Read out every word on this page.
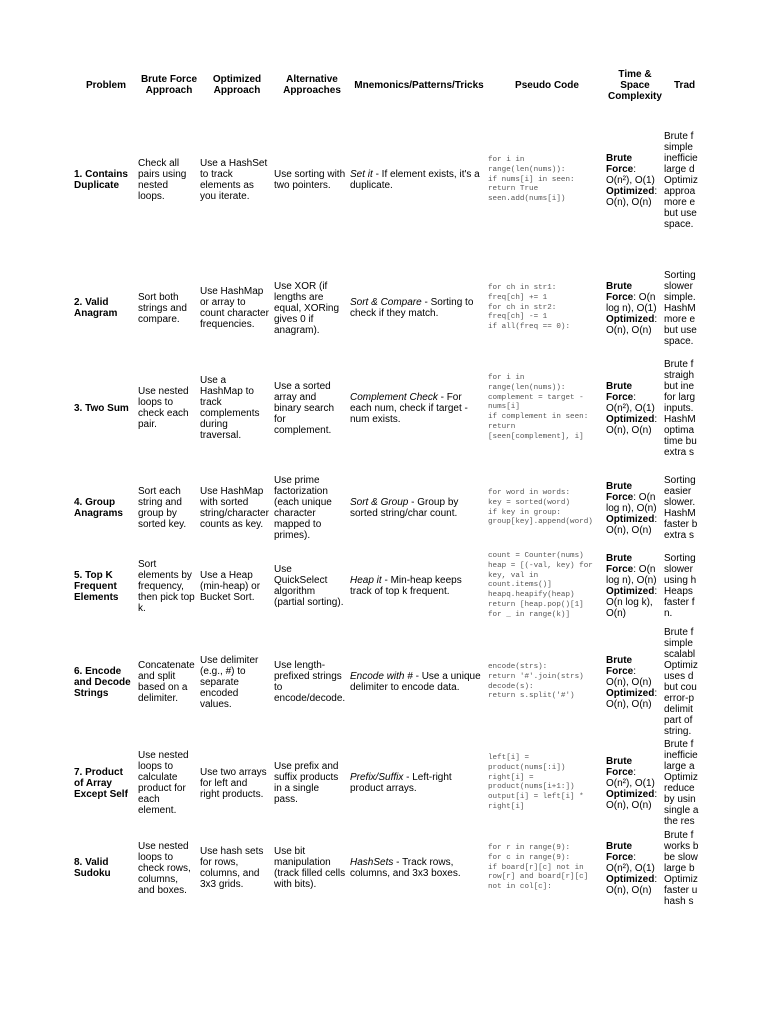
Problem
Brute Force
Approach
Optimized
Approach
Alternative
Approaches	Mnemonics/Patterns/Tricks	Pseudo Code
Time &
Space
Complexity
Trad
1. Contains
Duplicate
Check all
pairs using
nested
loops.
Use a HashSet
to track
elements as
you iterate.
Use sorting with
two pointers.
Set it - If element exists, it's a duplicate.
for i in
range(len(nums)):
if nums[i] in seen:
return True
seen.add(nums[i])
Brute
Force:
O(n²), O(1)
Optimized:
O(n), O(n)
Brute f
simple
inefficie
large d
Optimiz
approa
more e
but use
space.
2. Valid
Anagram
Sort both
strings and
compare.
Use HashMap
or array to
count character
frequencies.
Use XOR (if
lengths are
equal, XORing
gives 0 if
anagram).
Sort & Compare - Sorting to check if they match.
for ch in str1:
freq[ch] += 1
for ch in str2:
freq[ch] -= 1
if all(freq == 0):
Brute
Force: O(n
log n), O(1)
Optimized:
O(n), O(n)
Sorting
slower
simple.
HashM
more e
but use
space.
3. Two Sum
Use nested
loops to
check each
pair.
Use a
HashMap to
track
complements
during
traversal.
Use a sorted
array and
binary search
for
complement.
Complement Check - For each num, check if target - num exists.
for i in
range(len(nums)):
complement = target -
nums[i]
if complement in seen:
return
[seen[complement], i]
Brute
Force:
O(n²), O(1)
Optimized:
O(n), O(n)
Brute f
straigh
but ine
for larg
inputs.
HashM
optima
time bu
extra s
4. Group
Anagrams
Sort each
string and
group by
sorted key.
Use HashMap
with sorted
string/character
counts as key.
Use prime
factorization
(each unique
character
mapped to
primes).
Sort & Group - Group by sorted string/char count.
for word in words:
key = sorted(word)
if key in group:
group[key].append(word)
Brute
Force: O(n
log n), O(n)
Optimized:
O(n), O(n)
Sorting
easier
slower.
HashM
faster b
extra s
5. Top K
Frequent
Elements
Sort
elements by
frequency,
then pick top
k.
Use a Heap
(min-heap) or
Bucket Sort.
Use
QuickSelect
algorithm
(partial sorting).
Heap it - Min-heap keeps track of top k frequent.
count = Counter(nums)
heap = [(-val, key) for
key, val in
count.items()]
heapq.heapify(heap)
return [heap.pop()[1]
for _ in range(k)]
Brute
Force: O(n
log n), O(n)
Optimized:
O(n log k),
O(n)
Sorting
slower
using h
Heaps
faster f
n.
6. Encode
and Decode
Strings
Concatenate
and split
based on a
delimiter.
Use delimiter
(e.g., #) to
separate
encoded
values.
Use length-
prefixed strings
to
encode/decode.
Encode with # - Use a unique delimiter to encode data.
encode(strs):
return '#'.join(strs)
decode(s):
return s.split('#')
Brute
Force:
O(n), O(n)
Optimized:
O(n), O(n)
Brute f
simple
scalabl
Optimiz
uses d
but cou
error-p
delimit
part of
string.
7. Product
of Array
Except Self
Use nested
loops to
calculate
product for
each
element.
Use two arrays
for left and
right products.
Use prefix and
suffix products
in a single
pass.
Prefix/Suffix - Left-right product arrays.
left[i] =
product(nums[:i])
right[i] =
product(nums[i+1:])
output[i] = left[i] *
right[i]
Brute
Force:
O(n²), O(1)
Optimized:
O(n), O(n)
Brute f
inefficie
large a
Optimiz
reduce
by usin
single a
the res
8. Valid
Sudoku
Use nested
loops to
check rows,
columns,
and boxes.
Use hash sets
for rows,
columns, and
3x3 grids.
Use bit
manipulation
(track filled cells
with bits).
HashSets - Track rows, columns, and 3x3 boxes.
for r in range(9):
for c in range(9):
if board[r][c] not in
row[r] and board[r][c]
not in col[c]:
Brute
Force:
O(n²), O(1)
Optimized:
O(n), O(n)
Brute f
works b
be slow
large b
Optimiz
faster u
hash s
